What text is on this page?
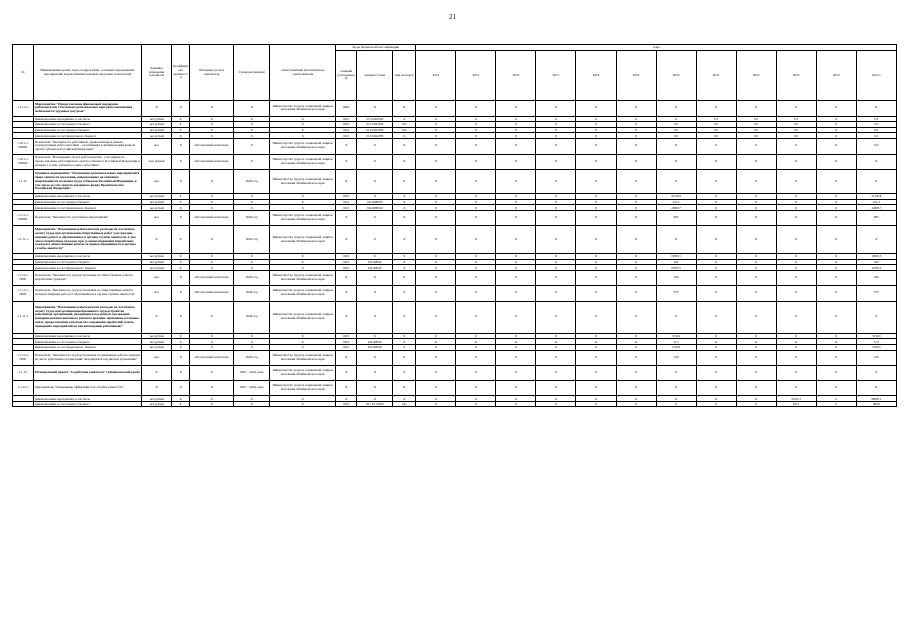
21
№	Наименование целей, задач, подпрограмм, основных мероприятий, мероприятий, ведомственных целевых программ, показателей	Единица измерения показателя	Коэффициент значимости	Методика расчета показателя	Сроки реализации	Ответственный исполнитель и соисполнители	Коды бюджетной классификации			годы											
							главный распорядитель	целевая статья	вид расходов	2014	2015	2016	2017	2018	2019	2020	2021	2022	2023	2024	Итого
1.1.13.1.	Мероприятие "Предоставление финансовой поддержки работодателям участникам региональных программ повышения мобильности трудовых ресурсов"	X	X	X	X	Министерство труда и социальной защиты населения Забайкальского края	0401	X	X	X	X	X	X	X	X	X	X	X	X	X	X
	финансирование мероприятия, в том числе	тыс.рублей	X	X	X	X	0401	01 6 01R4780	X	X	X	X	X	X	X	X	0,3	0,9	0,3	X	0,9
	финансирование за счет краевого бюджета	тыс.рублей	X	X	X	X	0401	01 6 01R4780	812	X	X	X	X	X	X	0,0	0,0	0,0	0,0	X	0,0
	финансирование за счет краевого бюджета	тыс.рублей	X	X	X	X	0401	01 6 01R4780	812	X	X	X	X	X	X	0,0	0,0	0,0	0,0	X	0,0
	финансирование за счет федерального бюджета	тыс.рублей	X	X	X	X	0401	01 6 01R4780	X	X	X	X	X	X	X	0,0	0,0	0,0	0,0	X	0,0
1.10.1.1-ПОМ1	Показатель "Численность работников, привлеченных в рамках подпрограммы работодателями - участниками в Забайкальский край из других субъектов Российской Федерации"	чел.	X	Абсолютный показатель	X	Министерство труда и социальной защиты населения Забайкальского края	X	X	X	X	X	X	X	X	X	X	0	0	0	X	0,0
1.10.1.1-ПОМ2	Показатель "Возмещение затрат работодателям - участникам на предоставление работникам из других субъектов Российской Федерации в размере 1,5 млн. рублей на одного работника"	тыс.рублей	X	Абсолютный показатель	X	Министерство труда и социальной защиты населения Забайкальского края	X	X	X	X	X	X	X	X	X	X	X	X	X	X	X
1.1.11.	Основное мероприятие "Реализация дополнительных мероприятий в сфере занятости населения, направленных на снижение напряженности на рынке труда субъектов Российской Федерации, в том числе за счет средств резервного фонда Правительства Российской Федерации"	чел.	X	X	2020 год	Министерство труда и социальной защиты населения Забайкальского края	X	X	X	X	X	X	X	X	X	X	X	X	X	X	X
	финансирование мероприятия, в том числе	тыс.рублей	X	X	X	X	0401	X	X	X	X	X	X	X	X	25130,8	X	X	X	X	25130,8
	финансирование за счет краевого бюджета	тыс.рублей	X	X	X	X	0401	0411R88520	X	X	X	X	X	X	X	251,3	X	X	X	X	251,3
	финансирование за счет федерального бюджета	тыс.рублей	X	X	X	X	0401	0411R88520	X	X	X	X	X	X	X	24899,7	X	X	X	X	24899,7
1.1.11.1-ПОМ1	Показатель "Численность участников мероприятий"	чел.	X	Абсолютный показатель	2020 год	Министерство труда и социальной защиты населения Забайкальского края	X	X	X	X	X	X	X	X	X	685	X	X	X	X	685
1.1.11.1.	Мероприятие "Возмещение работодателям расходов на частичную оплату труда при организации общественных работ для граждан, ищущих работу и обратившихся в органы службы занятости, в том числе безработных граждан, при условии обращения безработных граждан в общественные работы за период обращения их в органы службы занятости"	X	X	X	2020 год	Министерство труда и социальной защиты населения Забайкальского края	X	X	X	X	X	X	X	X	X	X	X	X	X	X	X
	финансирование мероприятия, в том числе	тыс.рублей	X	X	X	X	0401	X	X	X	X	X	X	X	X	19995,5	X	X	X	X	19995,5
	финансирование за счет краевого бюджета	тыс.рублей	X	X	X	X	0401	0411R8520	X	X	X	X	X	X	X	200	X	X	X	X	200
	финансирование за счет федерального бюджета	тыс.рублей	X	X	X	X	0401	0411R8520	X	X	X	X	X	X	X	19795,5	X	X	X	X	19795,5
1.1.11.1-ПМ1	Показатель "Численность трудоустроенных на общественные работы безработных граждан"	чел.	X	Абсолютный показатель	2020 год	Министерство труда и социальной защиты населения Забайкальского края	X	X	X	X	X	X	X	X	X	160	X	X	X	X	160
1.1.11.1-ПМ2	Показатель "Численность трудоустроенных на общественные работы граждан, ищущих работу и обратившихся в органы службы занятости"	чел.	X	Абсолютный показатель	2020 год	Министерство труда и социальной защиты населения Забайкальского края	X	X	X	X	X	X	X	X	X	375	X	X	X	X	375
1.1.11.2.	Мероприятие "Возмещение работодателям расходов на частичную оплату труда при организации временного трудоустройства работников организаций, находящихся под риском увольнения (введение режима неполного рабочего времени, временная остановка работ, предоставление отпусков без сохранения заработной платы, проведение мероприятий по высвобождению работников)"	X	X	X	2020 год	Министерство труда и социальной защиты населения Забайкальского края	X	X	X	X	X	X	X	X	X	X	X	X	X	X	X
	финансирование мероприятия, в том числе	тыс.рублей	X	X	X	X	0401	X	X	X	X	X	X	X	X	3134,9	X	X	X	X	3134,9
	финансирование за счет краевого бюджета	тыс.рублей	X	X	X	X	0401	0411R8520	X	X	X	X	X	X	X	31,3	X	X	X	X	31,3
	финансирование за счет федерального бюджета	тыс.рублей	X	X	X	X	0401	0411R8520	X	X	X	X	X	X	X	3103,6	X	X	X	X	3103,6
1.1.11.2-ПМ1	Показатель "Численность трудоустроенных на временные работы граждан из числа работников организаций, находящихся под риском увольнения"	чел.	X	Абсолютный показатель	2020 год	Министерство труда и социальной защиты населения Забайкальского края	X	X	X	X	X	X	X	X	X	150	X	X	X	X	150
1.1.12.	Региональный проект "Содействие занятости" (Забайкальский край)	X	X	X	2021 - 2024 годы	Министерство труда и социальной защиты населения Забайкальского края	X	X	X	X	X	X	X	X	X	X	X	X	X	X	X
1.1.12.1	Мероприятие "Повышение эффективности службы занятости"	X	X	X	2021 - 2024 годы	Министерство труда и социальной защиты населения Забайкальского края	X	X	X	X	X	X	X	X	X	X	X	X	X	X	X
	финансирование мероприятия, в том числе	тыс.рублей	X	X	X	X	X	X	X	X	X	X	X	X	X	X	X	X	25255,1	0	88085,1
	финансирование за счет краевого бюджета	тыс.рублей	X	X	X	X	0401	04 1 P2 52910	242	X	X	X	X	X	X	X	X	X	505,1	0	880,8
